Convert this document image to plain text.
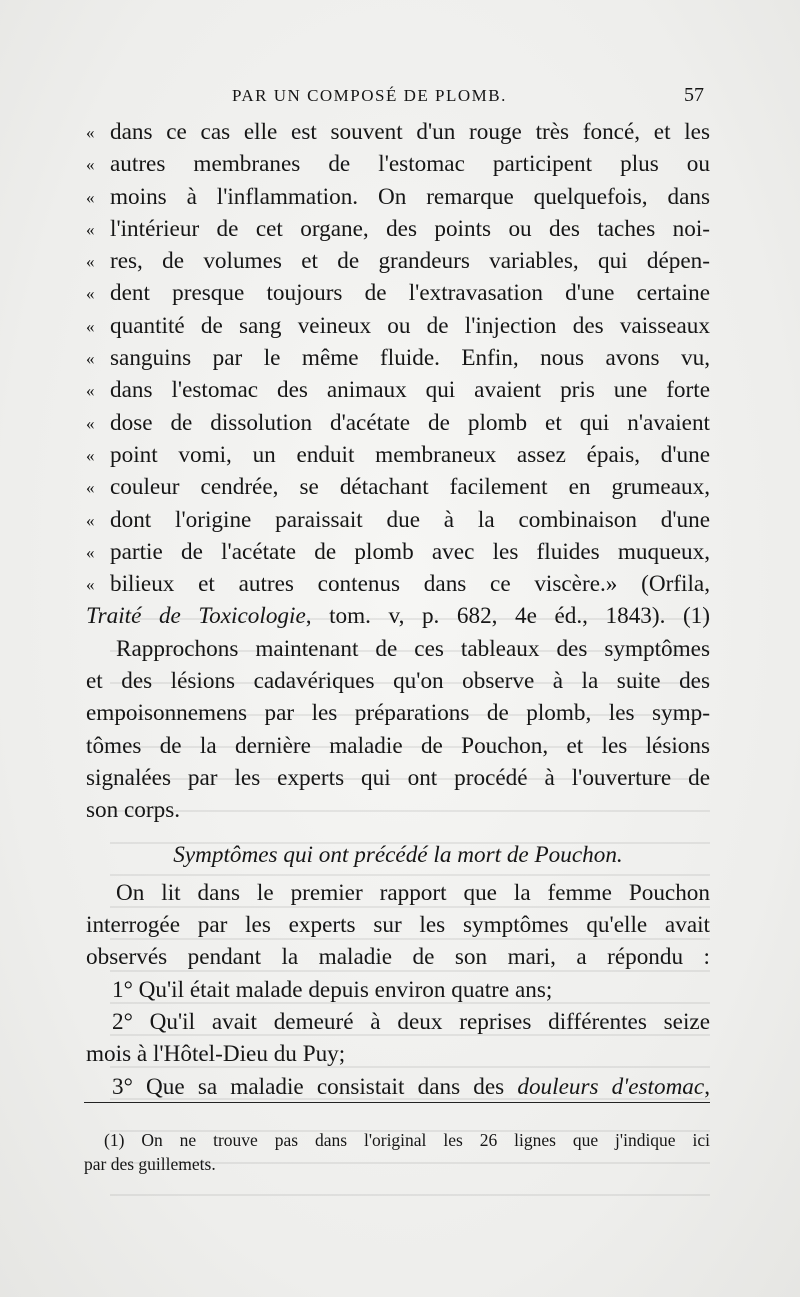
PAR UN COMPOSÉ DE PLOMB.	57
« dans ce cas elle est souvent d'un rouge très foncé, et les
« autres membranes de l'estomac participent plus ou
« moins à l'inflammation. On remarque quelquefois, dans
« l'intérieur de cet organe, des points ou des taches noi-
« res, de volumes et de grandeurs variables, qui dépen-
« dent presque toujours de l'extravasation d'une certaine
« quantité de sang veineux ou de l'injection des vaisseaux
« sanguins par le même fluide. Enfin, nous avons vu,
« dans l'estomac des animaux qui avaient pris une forte
« dose de dissolution d'acétate de plomb et qui n'avaient
« point vomi, un enduit membraneux assez épais, d'une
« couleur cendrée, se détachant facilement en grumeaux,
« dont l'origine paraissait due à la combinaison d'une
« partie de l'acétate de plomb avec les fluides muqueux,
« bilieux et autres contenus dans ce viscère.» (Orfila,
Traité de Toxicologie, tom. v, p. 682, 4e éd., 1843). (1)
Rapprochons maintenant de ces tableaux des symptômes
et des lésions cadavériques qu'on observe à la suite des
empoisonnemens par les préparations de plomb, les symp-
tômes de la dernière maladie de Pouchon, et les lésions
signalées par les experts qui ont procédé à l'ouverture de
son corps.
Symptômes qui ont précédé la mort de Pouchon.
On lit dans le premier rapport que la femme Pouchon
interrogée par les experts sur les symptômes qu'elle avait
observés pendant la maladie de son mari, a répondu :
1° Qu'il était malade depuis environ quatre ans;
2° Qu'il avait demeuré à deux reprises différentes seize
mois à l'Hôtel-Dieu du Puy;
3° Que sa maladie consistait dans des douleurs d'estomac,
(1) On ne trouve pas dans l'original les 26 lignes que j'indique ici
par des guillemets.
